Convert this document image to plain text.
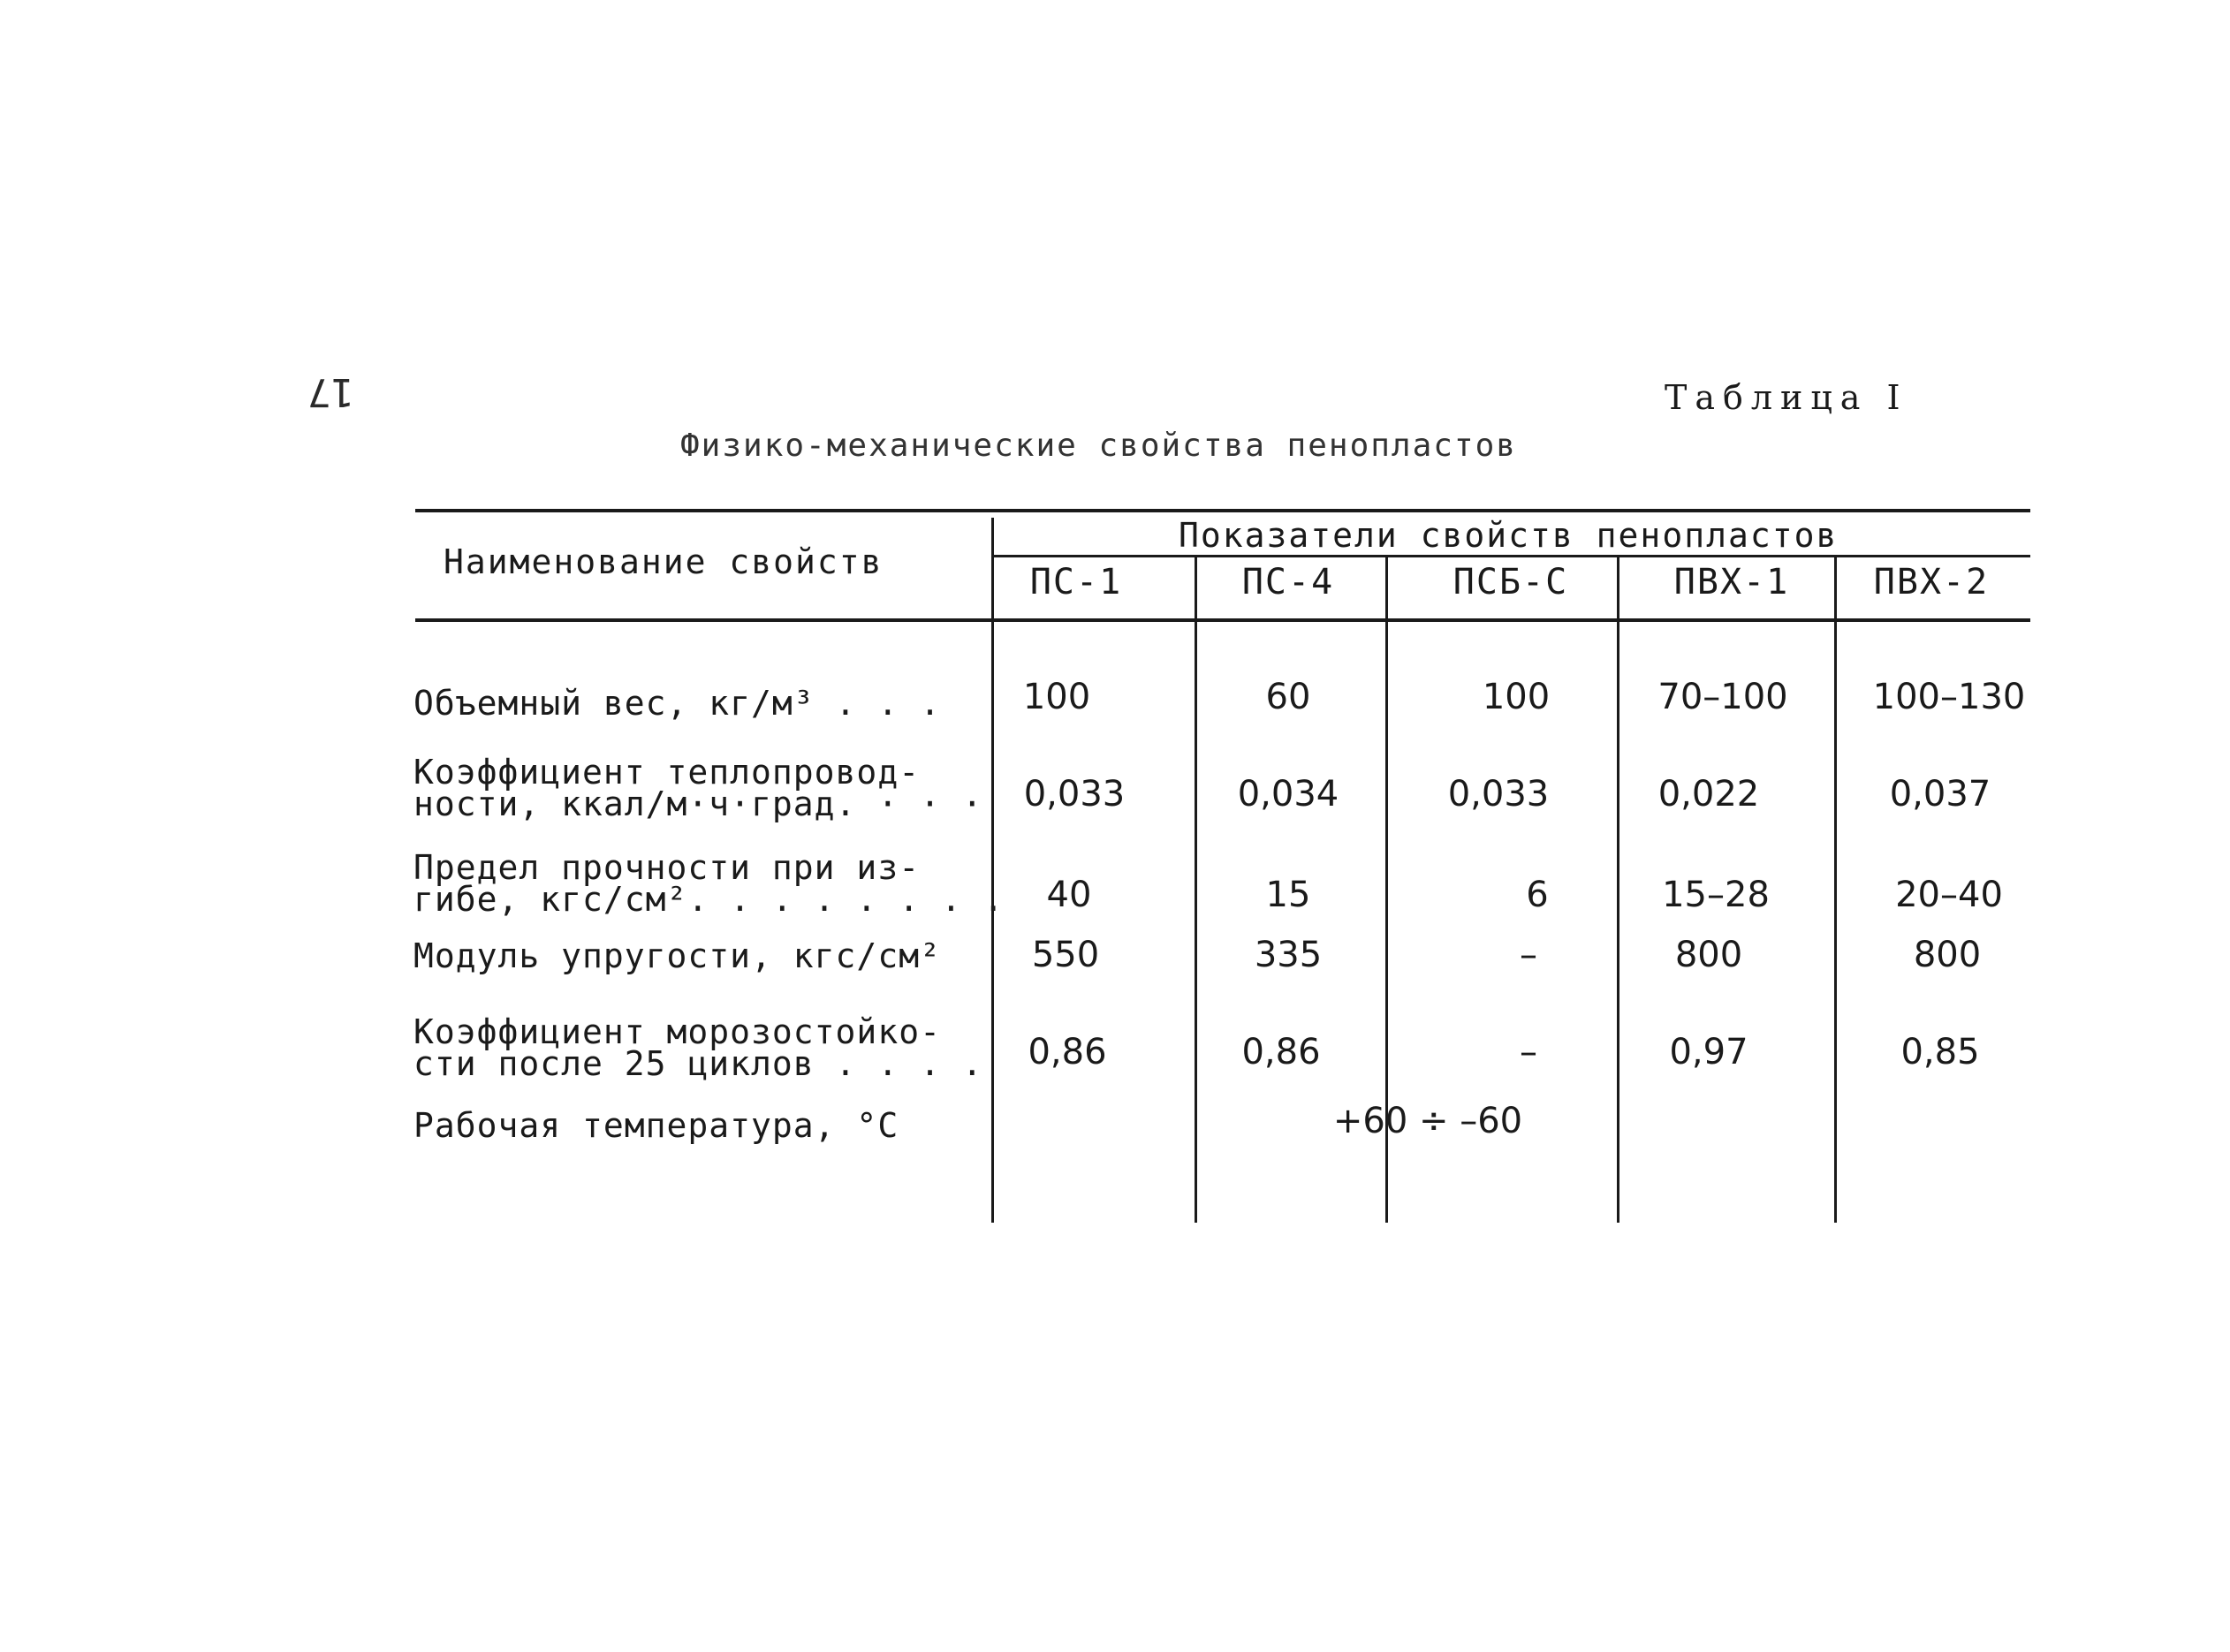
17	Таблица I
Физико-механические свойства пенопластов
Наименование свойств
Показатели свойств пенопластов
ПС-1	ПС-4	ПСБ-С	ПВХ-1 ПВХ-2
Объемный вес, кг/м³ . . .	100	60	100	70–100	100–130
Коэффициент теплопровод-
ности, ккал/м·ч·град. · · ·	0,033	0,034	0,033	0,022	0,037
Предел прочности при из-
гибе, кгс/см². . . . . . . .	40	15	6	15–28	20–40
Модуль упругости, кгс/см²	550	335	–	800	800
Коэффициент морозостойко-
сти после 25 циклов . . . .	0,86	0,86	–	0,97	0,85
Рабочая температура, °С	+60 ÷ –60
